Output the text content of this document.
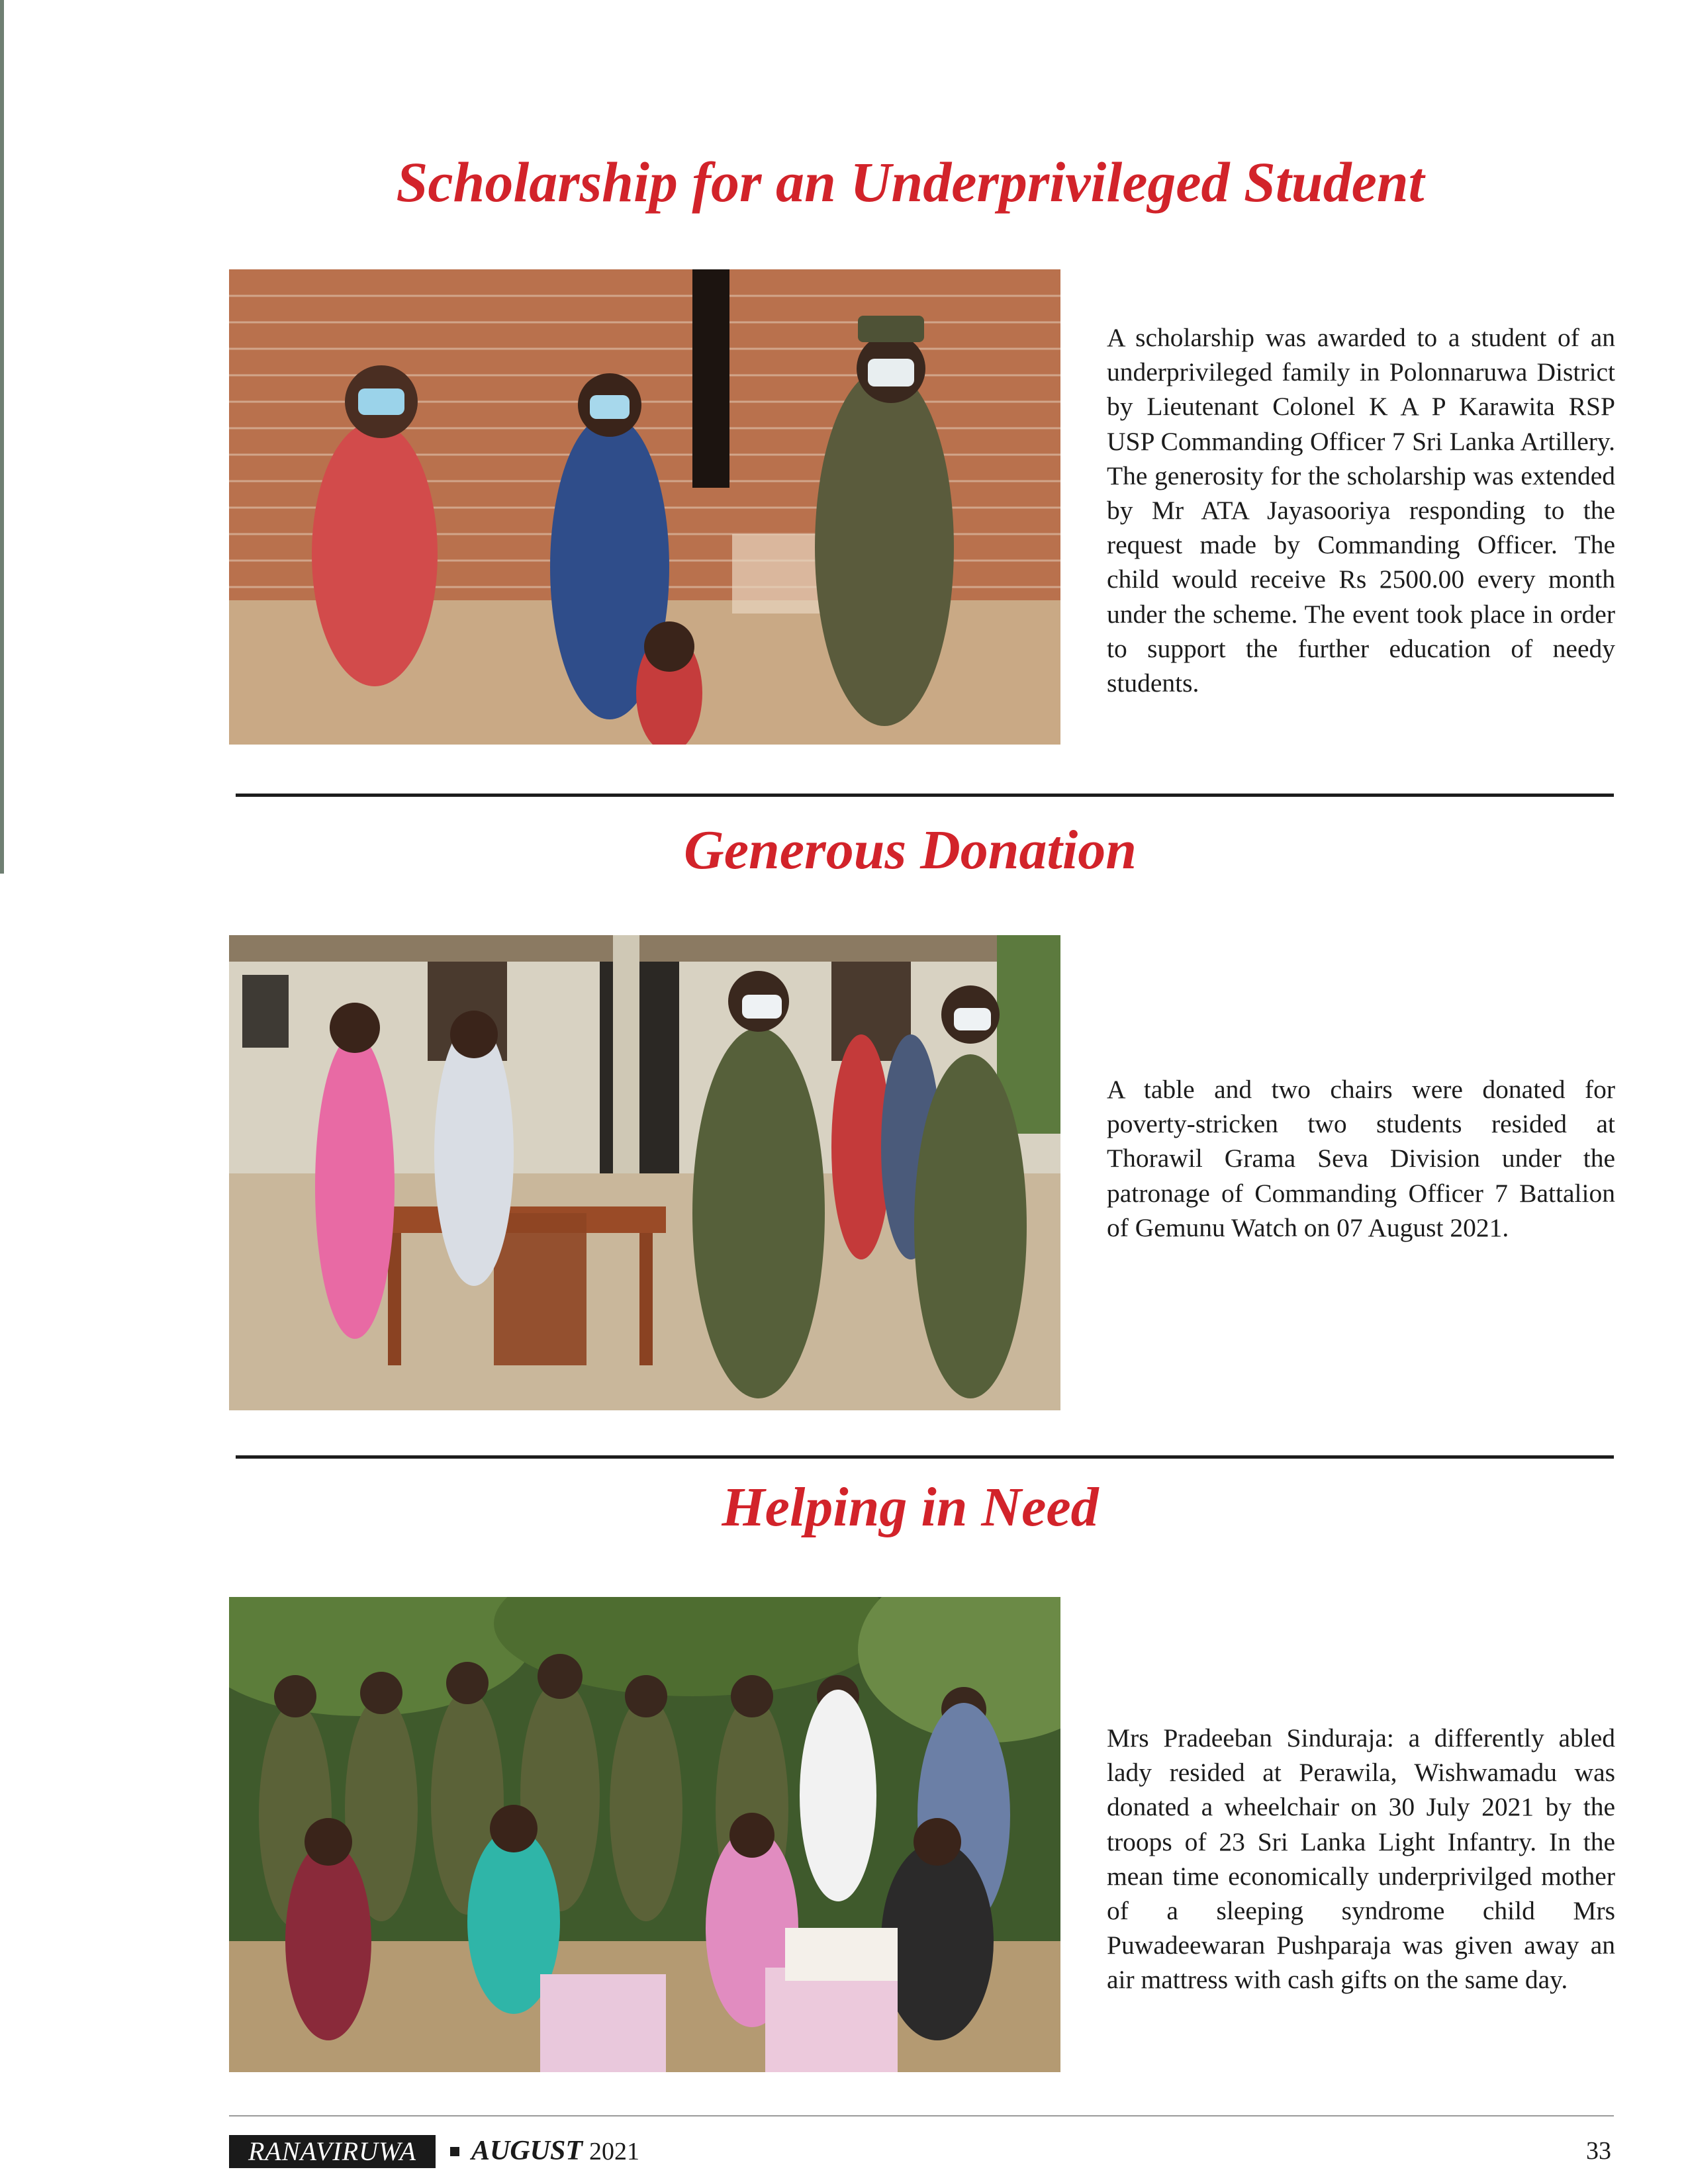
Scholarship for an Underprivileged Student

A scholarship was awarded to a student of an underprivileged family in Polonnaruwa District by Lieutenant Colonel K A P Karawita RSP USP Commanding Officer 7 Sri Lanka Artillery. The generosity for the scholarship was extended by Mr ATA Jayasooriya responding to the request made by Commanding Officer. The child would receive Rs 2500.00 every month under the scheme. The event took place in order to support the further education of needy students.

Generous Donation

A table and two chairs were donated for poverty-stricken two students resided at Thorawil Grama Seva Division under the patronage of Commanding Officer 7 Battalion of Gemunu Watch on 07 August 2021.

Helping in Need

Mrs Pradeeban Sinduraja: a differently abled lady resided at Perawila, Wishwamadu was donated a wheelchair on 30 July 2021 by the troops of 23 Sri Lanka Light Infantry. In the mean time economically underprivilged mother of a sleeping syndrome child Mrs Puwadeewaran Pushparaja was given away an air mattress with cash gifts on the same day.

RANAVIRUWA	AUGUST 2021	33
